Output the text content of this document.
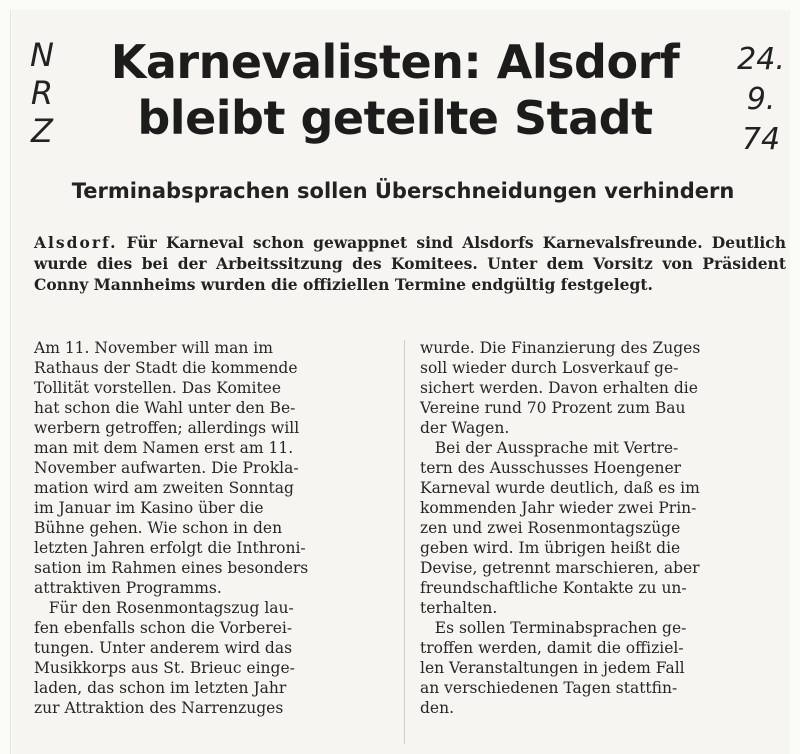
N
R
Z
24.
9.
74
Karnevalisten: Alsdorf
bleibt geteilte Stadt
Terminabsprachen sollen Überschneidungen verhindern
Alsdorf. Für Karneval schon gewappnet sind Alsdorfs Karnevalsfreunde. Deutlich wurde dies bei der Arbeitssitzung des Komitees. Unter dem Vorsitz von Präsident Conny Mannheims wurden die offiziellen Termine endgültig festgelegt.
Am 11. November will man im
Rathaus der Stadt die kommende
Tollität vorstellen. Das Komitee
hat schon die Wahl unter den Be-
werbern getroffen; allerdings will
man mit dem Namen erst am 11.
November aufwarten. Die Prokla-
mation wird am zweiten Sonntag
im Januar im Kasino über die
Bühne gehen. Wie schon in den
letzten Jahren erfolgt die Inthroni-
sation im Rahmen eines besonders
attraktiven Programms.
Für den Rosenmontagszug lau-
fen ebenfalls schon die Vorberei-
tungen. Unter anderem wird das
Musikkorps aus St. Brieuc einge-
laden, das schon im letzten Jahr
zur Attraktion des Narrenzuges
wurde. Die Finanzierung des Zuges
soll wieder durch Losverkauf ge-
sichert werden. Davon erhalten die
Vereine rund 70 Prozent zum Bau
der Wagen.
Bei der Aussprache mit Vertre-
tern des Ausschusses Hoengener
Karneval wurde deutlich, daß es im
kommenden Jahr wieder zwei Prin-
zen und zwei Rosenmontagszüge
geben wird. Im übrigen heißt die
Devise, getrennt marschieren, aber
freundschaftliche Kontakte zu un-
terhalten.
Es sollen Terminabsprachen ge-
troffen werden, damit die offiziel-
len Veranstaltungen in jedem Fall
an verschiedenen Tagen stattfin-
den.
